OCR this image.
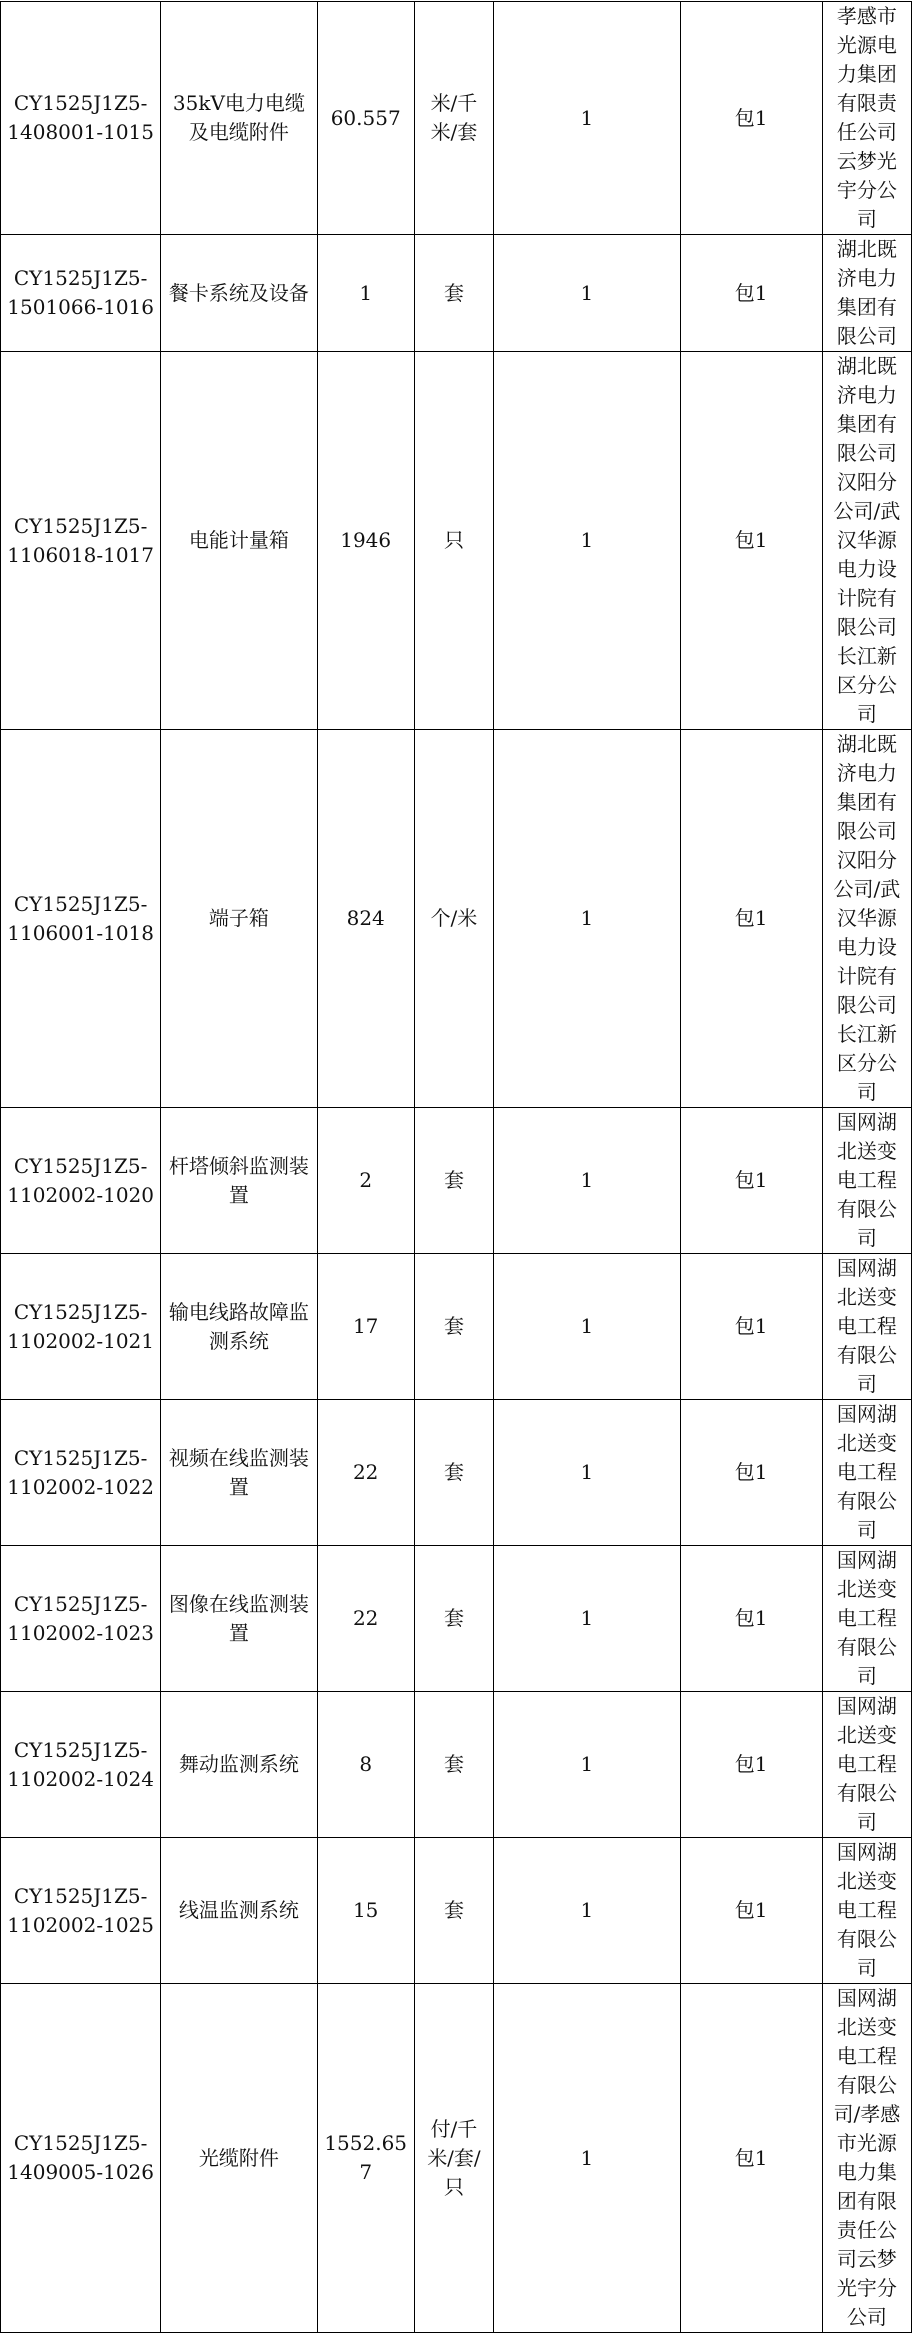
CY1525J1Z5-
1408001-1015	35kV电力电缆及电缆附件	60.557	米/千米/套	1	包1	孝感市光源电力集团有限责任公司云梦光宇分公司
CY1525J1Z5-
1501066-1016	餐卡系统及设备	1	套	1	包1	湖北既济电力集团有限公司
CY1525J1Z5-
1106018-1017	电能计量箱	1946	只	1	包1	湖北既济电力集团有限公司汉阳分公司/武汉华源电力设计院有限公司长江新区分公司
CY1525J1Z5-
1106001-1018	端子箱	824	个/米	1	包1	湖北既济电力集团有限公司汉阳分公司/武汉华源电力设计院有限公司长江新区分公司
CY1525J1Z5-
1102002-1020	杆塔倾斜监测装置	2	套	1	包1	国网湖北送变电工程有限公司
CY1525J1Z5-
1102002-1021	输电线路故障监测系统	17	套	1	包1	国网湖北送变电工程有限公司
CY1525J1Z5-
1102002-1022	视频在线监测装置	22	套	1	包1	国网湖北送变电工程有限公司
CY1525J1Z5-
1102002-1023	图像在线监测装置	22	套	1	包1	国网湖北送变电工程有限公司
CY1525J1Z5-
1102002-1024	舞动监测系统	8	套	1	包1	国网湖北送变电工程有限公司
CY1525J1Z5-
1102002-1025	线温监测系统	15	套	1	包1	国网湖北送变电工程有限公司
CY1525J1Z5-
1409005-1026	光缆附件	1552.657	付/千米/套/只	1	包1	国网湖北送变电工程有限公司/孝感市光源电力集团有限责任公司云梦光宇分公司
